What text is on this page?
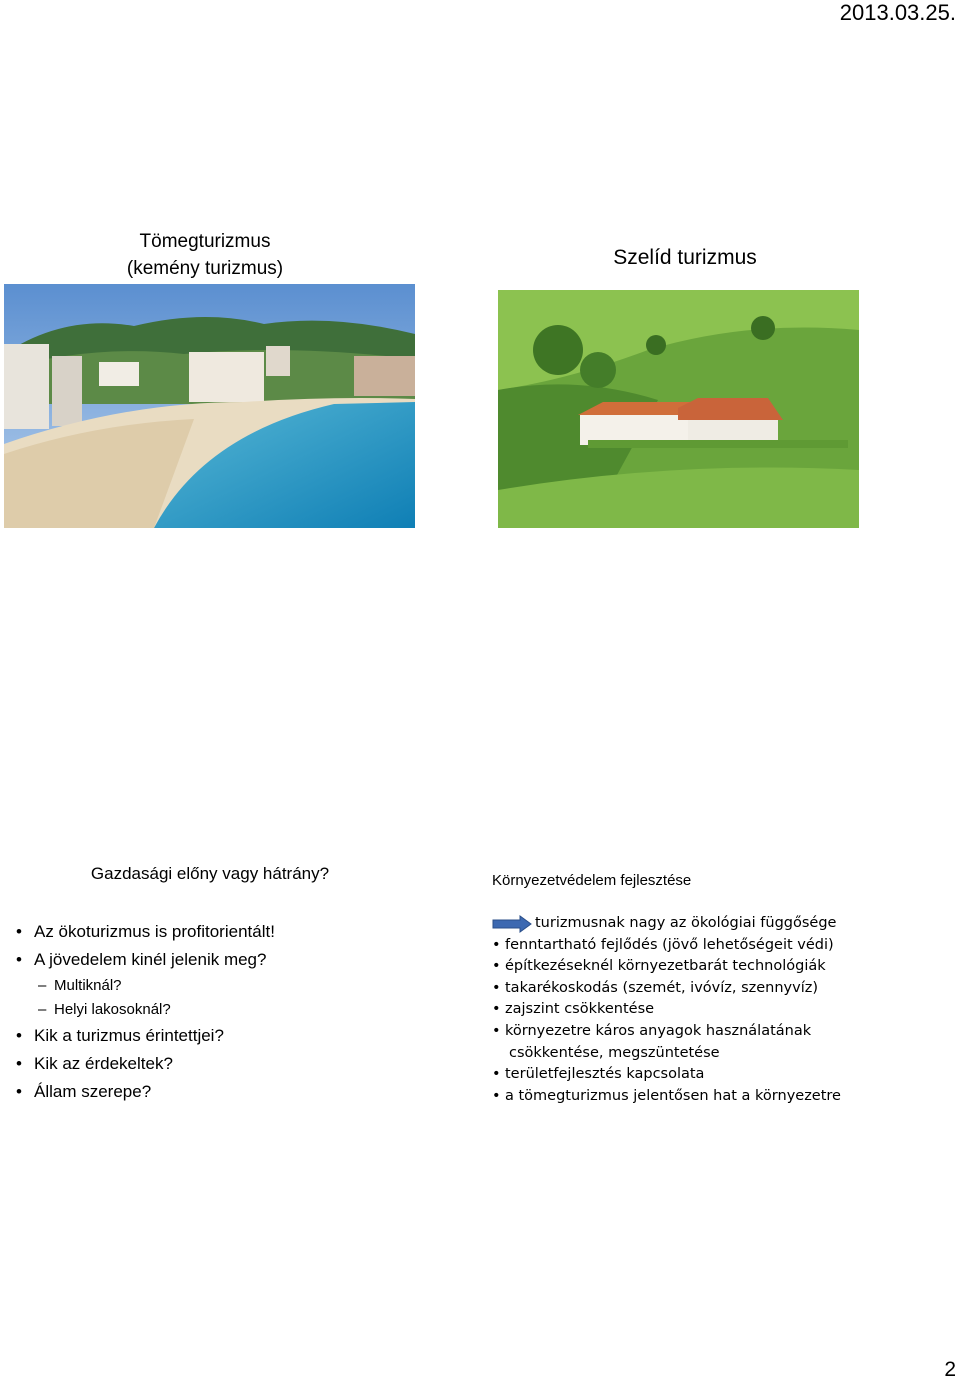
2013.03.25.
Tömegturizmus
(kemény turizmus)	Szelíd turizmus
Gazdasági előny vagy hátrány?
• Az ökoturizmus is profitorientált!
• A jövedelem kinél jelenik meg?
– Multiknál?
– Helyi lakosoknál?
• Kik a turizmus érintettjei?
• Kik az érdekeltek?
• Állam szerepe?
Környezetvédelem fejlesztése
turizmusnak nagy az ökológiai függősége
• fenntartható fejlődés (jövő lehetőségeit védi)
• építkezéseknél környezetbarát technológiák
• takarékoskodás (szemét, ivóvíz, szennyvíz)
• zajszint csökkentése
• környezetre káros anyagok használatának
csökkentése, megszüntetése
• területfejlesztés kapcsolata
• a tömegturizmus jelentősen hat a környezetre
2
